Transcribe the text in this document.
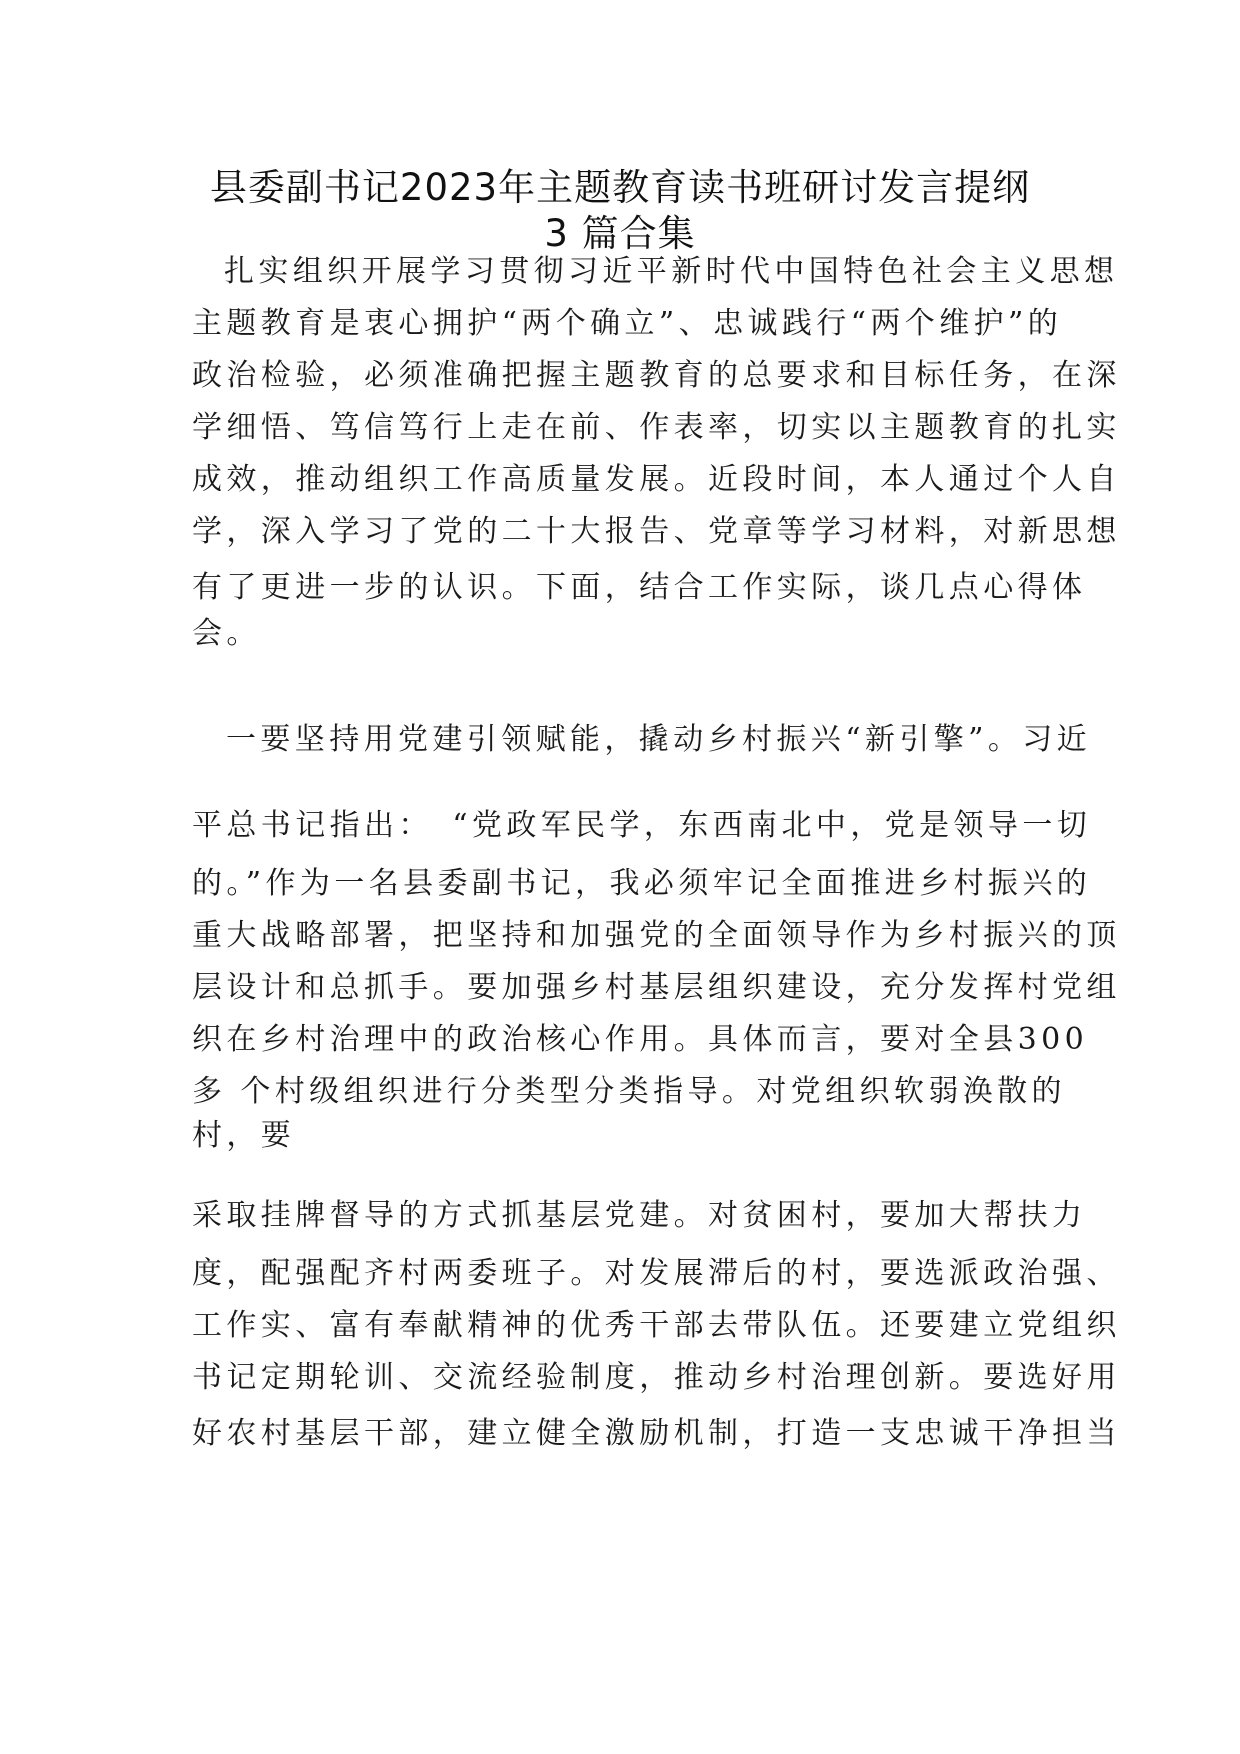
县委副书记2023年主题教育读书班研讨发言提纲
3 篇合集
扎实组织开展学习贯彻习近平新时代中国特色社会主义思想
主题教育是衷心拥护“两个确立”、忠诚践行“两个维护”的
政治检验，必须准确把握主题教育的总要求和目标任务，在深
学细悟、笃信笃行上走在前、作表率，切实以主题教育的扎实
成效，推动组织工作高质量发展。近段时间，本人通过个人自
学，深入学习了党的二十大报告、党章等学习材料，对新思想
有了更进一步的认识。下面，结合工作实际，谈几点心得体
会。
一要坚持用党建引领赋能，撬动乡村振兴“新引擎”。习近
平总书记指出：　“党政军民学，东西南北中，党是领导一切
的。”作为一名县委副书记，我必须牢记全面推进乡村振兴的
重大战略部署，把坚持和加强党的全面领导作为乡村振兴的顶
层设计和总抓手。要加强乡村基层组织建设，充分发挥村党组
织在乡村治理中的政治核心作用。具体而言，要对全县300
多 个村级组织进行分类型分类指导。对党组织软弱涣散的
村，要
采取挂牌督导的方式抓基层党建。对贫困村，要加大帮扶力
度，配强配齐村两委班子。对发展滞后的村，要选派政治强、
工作实、富有奉献精神的优秀干部去带队伍。还要建立党组织
书记定期轮训、交流经验制度，推动乡村治理创新。要选好用
好农村基层干部，建立健全激励机制，打造一支忠诚干净担当
